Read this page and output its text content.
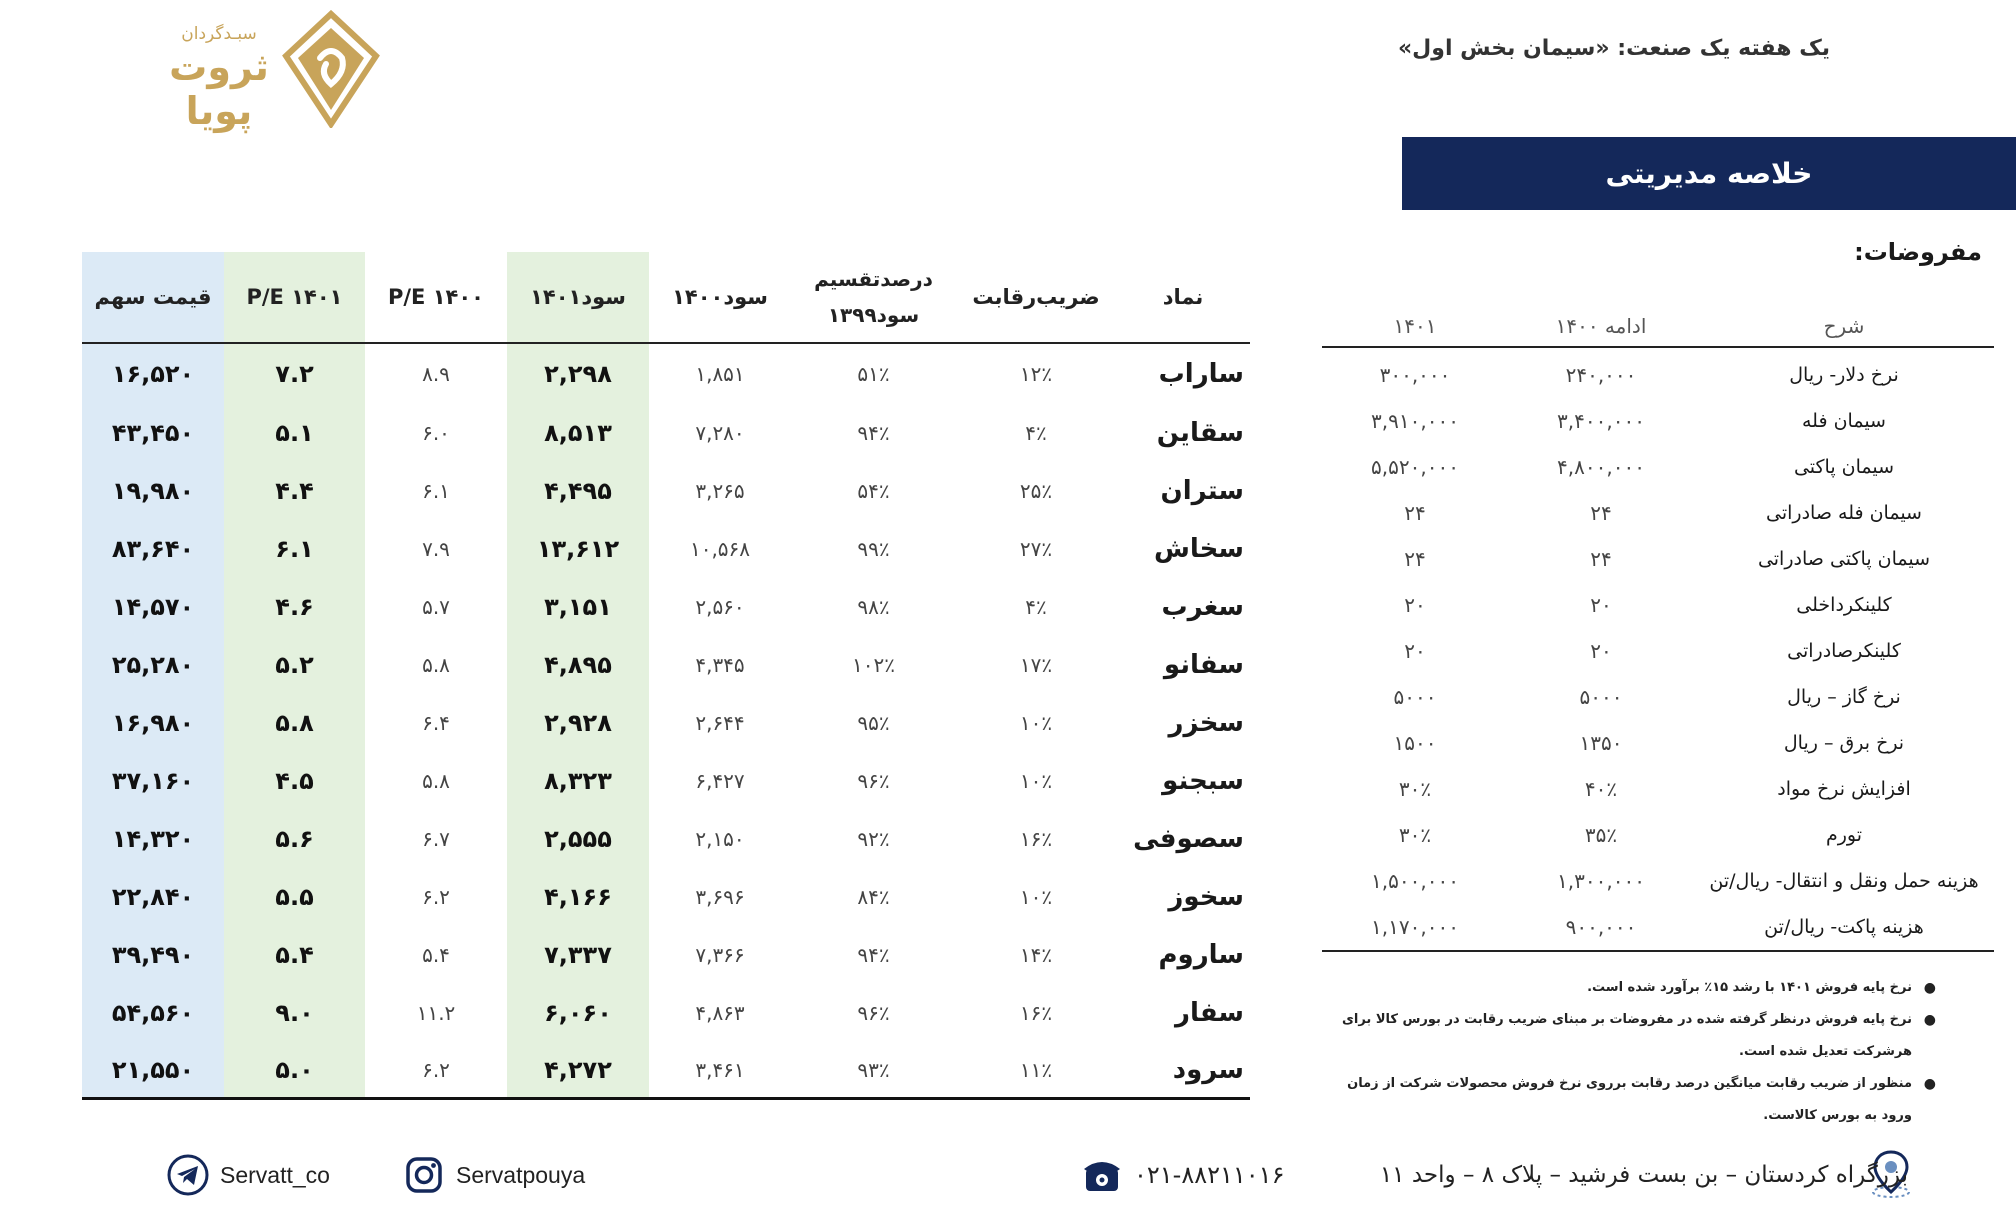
یک هفته یک صنعت: «سیمان بخش اول»
سبـدگردان
ثروت
پویا
خلاصه مدیریتی
مفروضات:
شرح
ادامه ۱۴۰۰
۱۴۰۱
نرخ دلار- ریال
۲۴۰,۰۰۰
۳۰۰,۰۰۰
سیمان فله
۳,۴۰۰,۰۰۰
۳,۹۱۰,۰۰۰
سیمان پاکتی
۴,۸۰۰,۰۰۰
۵,۵۲۰,۰۰۰
سیمان فله صادراتی
۲۴
۲۴
سیمان پاکتی صادراتی
۲۴
۲۴
کلینکرداخلی
۲۰
۲۰
کلینکرصادراتی
۲۰
۲۰
نرخ گاز – ریال
۵۰۰۰
۵۰۰۰
نرخ برق – ریال
۱۳۵۰
۱۵۰۰
افزایش نرخ مواد
۴۰٪
۳۰٪
تورم
۳۵٪
۳۰٪
هزینه حمل ونقل و انتقال- ریال/تن
۱,۳۰۰,۰۰۰
۱,۵۰۰,۰۰۰
هزینه پاکت- ریال/تن
۹۰۰,۰۰۰
۱,۱۷۰,۰۰۰
●
نرخ پایه فروش ۱۴۰۱ با رشد ۱۵٪ برآورد شده است.
●
نرخ پایه فروش درنظر گرفته شده در مفروضات بر مبنای ضریب رقابت در بورس کالا برای هرشرکت تعدیل شده است.
●
منظور از ضریب رقابت میانگین درصد رقابت برروی نرخ فروش محصولات شرکت از زمان ورود به بورس کالاست.
نماد
ضریب‌رقابت
درصدتقسیم
سود۱۳۹۹
سود۱۴۰۰
سود۱۴۰۱
P/E ۱۴۰۰
P/E ۱۴۰۱
قیمت سهم
ساراب
۱۲٪
۵۱٪
۱,۸۵۱
۲,۲۹۸
۸.۹
۷.۲
۱۶,۵۲۰
سقاین
۴٪
۹۴٪
۷,۲۸۰
۸,۵۱۳
۶.۰
۵.۱
۴۳,۴۵۰
ستران
۲۵٪
۵۴٪
۳,۲۶۵
۴,۴۹۵
۶.۱
۴.۴
۱۹,۹۸۰
سخاش
۲۷٪
۹۹٪
۱۰,۵۶۸
۱۳,۶۱۲
۷.۹
۶.۱
۸۳,۶۴۰
سغرب
۴٪
۹۸٪
۲,۵۶۰
۳,۱۵۱
۵.۷
۴.۶
۱۴,۵۷۰
سفانو
۱۷٪
۱۰۲٪
۴,۳۴۵
۴,۸۹۵
۵.۸
۵.۲
۲۵,۲۸۰
سخزر
۱۰٪
۹۵٪
۲,۶۴۴
۲,۹۲۸
۶.۴
۵.۸
۱۶,۹۸۰
سبجنو
۱۰٪
۹۶٪
۶,۴۲۷
۸,۳۲۳
۵.۸
۴.۵
۳۷,۱۶۰
سصوفی
۱۶٪
۹۲٪
۲,۱۵۰
۲,۵۵۵
۶.۷
۵.۶
۱۴,۳۲۰
سخوز
۱۰٪
۸۴٪
۳,۶۹۶
۴,۱۶۶
۶.۲
۵.۵
۲۲,۸۴۰
ساروم
۱۴٪
۹۴٪
۷,۳۶۶
۷,۳۳۷
۵.۴
۵.۴
۳۹,۴۹۰
سفار
۱۶٪
۹۶٪
۴,۸۶۳
۶,۰۶۰
۱۱.۲
۹.۰
۵۴,۵۶۰
سرود
۱۱٪
۹۳٪
۳,۴۶۱
۴,۲۷۲
۶.۲
۵.۰
۲۱,۵۵۰
بزرگراه کردستان – بن بست فرشید – پلاک ۸ – واحد ۱۱
۰۲۱-۸۸۲۱۱۰۱۶
Servatpouya
Servatt_co
